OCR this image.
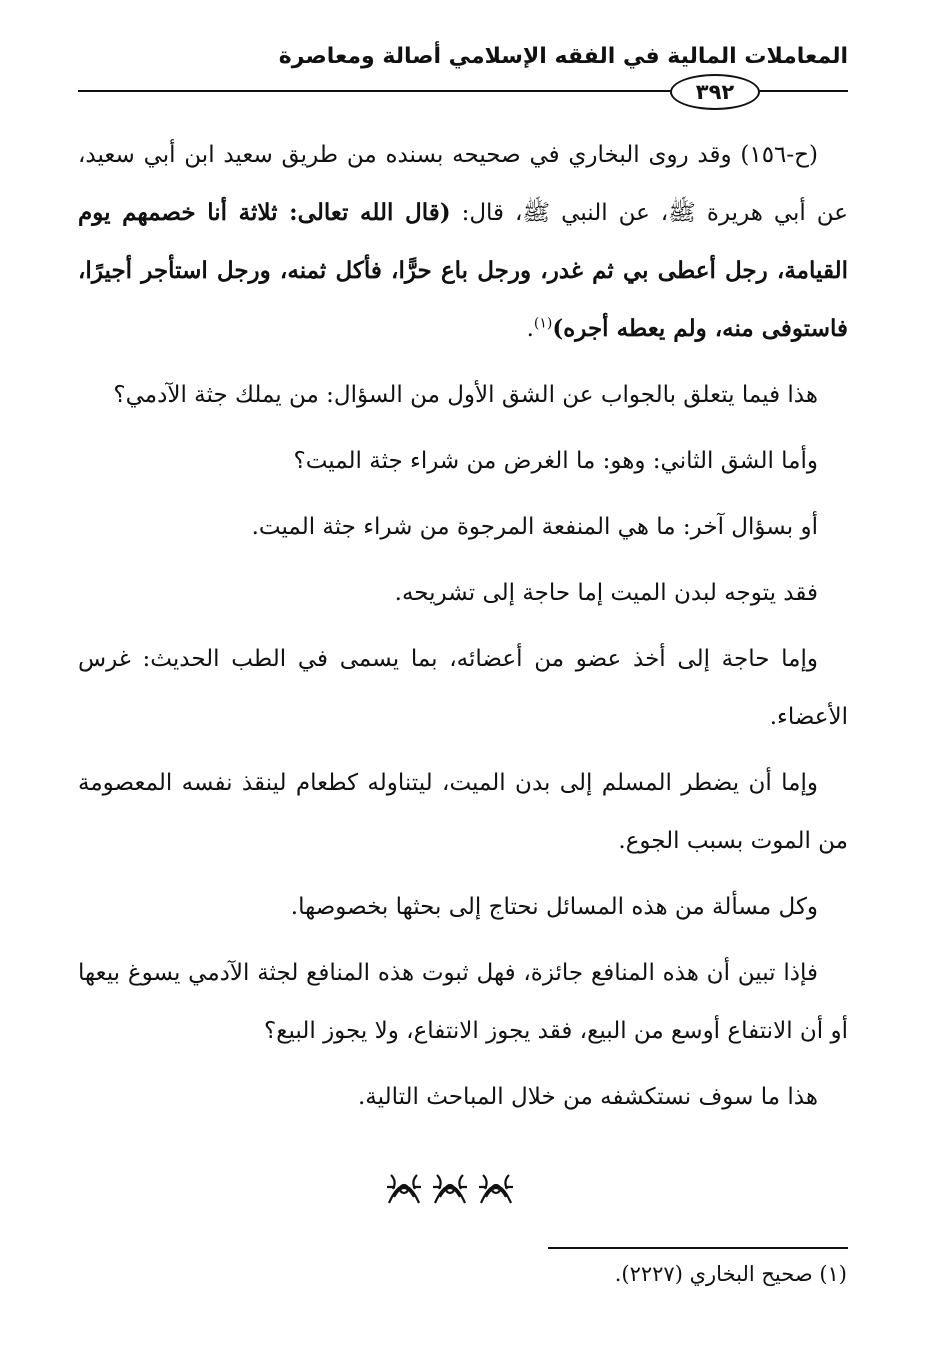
المعاملات المالية في الفقه الإسلامي أصالة ومعاصرة
٣٩٢

(ح-١٥٦) وقد روى البخاري في صحيحه بسنده من طريق سعيد ابن أبي سعيد، عن أبي هريرة ﷺ، عن النبي ﷺ، قال: (قال الله تعالى: ثلاثة أنا خصمهم يوم القيامة، رجل أعطى بي ثم غدر، ورجل باع حرًّا، فأكل ثمنه، ورجل استأجر أجيرًا، فاستوفى منه، ولم يعطه أجره)$^{(١)}$.

هذا فيما يتعلق بالجواب عن الشق الأول من السؤال: من يملك جثة الآدمي؟

وأما الشق الثاني: وهو: ما الغرض من شراء جثة الميت؟

أو بسؤال آخر: ما هي المنفعة المرجوة من شراء جثة الميت.

فقد يتوجه لبدن الميت إما حاجة إلى تشريحه.

وإما حاجة إلى أخذ عضو من أعضائه، بما يسمى في الطب الحديث: غرس الأعضاء.

وإما أن يضطر المسلم إلى بدن الميت، ليتناوله كطعام لينقذ نفسه المعصومة من الموت بسبب الجوع.

وكل مسألة من هذه المسائل نحتاج إلى بحثها بخصوصها.

فإذا تبين أن هذه المنافع جائزة، فهل ثبوت هذه المنافع لجثة الآدمي يسوغ بيعها أو أن الانتفاع أوسع من البيع، فقد يجوز الانتفاع، ولا يجوز البيع؟

هذا ما سوف نستكشفه من خلال المباحث التالية.

(١) صحيح البخاري (٢٢٢٧).
